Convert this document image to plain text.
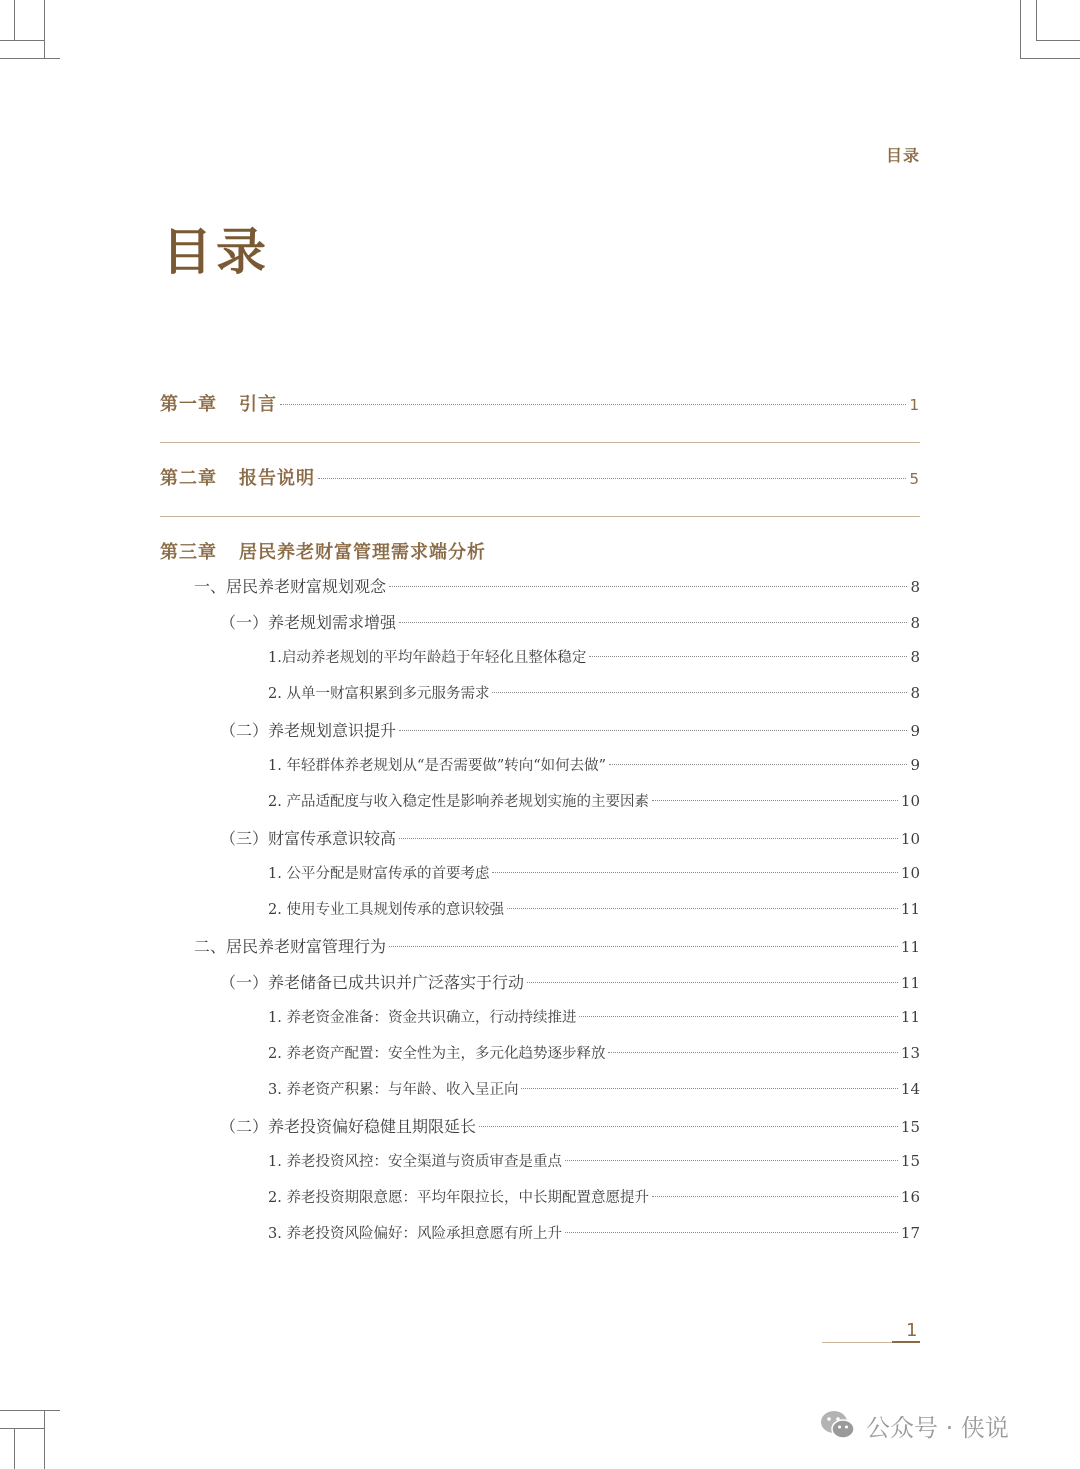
目录
目录
第一章 引言	1
第二章 报告说明	5
第三章 居民养老财富管理需求端分析
一、居民养老财富规划观念	8
（一）养老规划需求增强	8
1.启动养老规划的平均年龄趋于年轻化且整体稳定	8
2. 从单一财富积累到多元服务需求	8
（二）养老规划意识提升	9
1. 年轻群体养老规划从“是否需要做”转向“如何去做”	9
2. 产品适配度与收入稳定性是影响养老规划实施的主要因素	10
（三）财富传承意识较高	10
1. 公平分配是财富传承的首要考虑	10
2. 使用专业工具规划传承的意识较强	11
二、居民养老财富管理行为	11
（一）养老储备已成共识并广泛落实于行动	11
1. 养老资金准备：资金共识确立，行动持续推进	11
2. 养老资产配置：安全性为主，多元化趋势逐步释放	13
3. 养老资产积累：与年龄、收入呈正向	14
（二）养老投资偏好稳健且期限延长	15
1. 养老投资风控：安全渠道与资质审查是重点	15
2. 养老投资期限意愿：平均年限拉长，中长期配置意愿提升	16
3. 养老投资风险偏好：风险承担意愿有所上升	17
1
公众号 · 侠说
